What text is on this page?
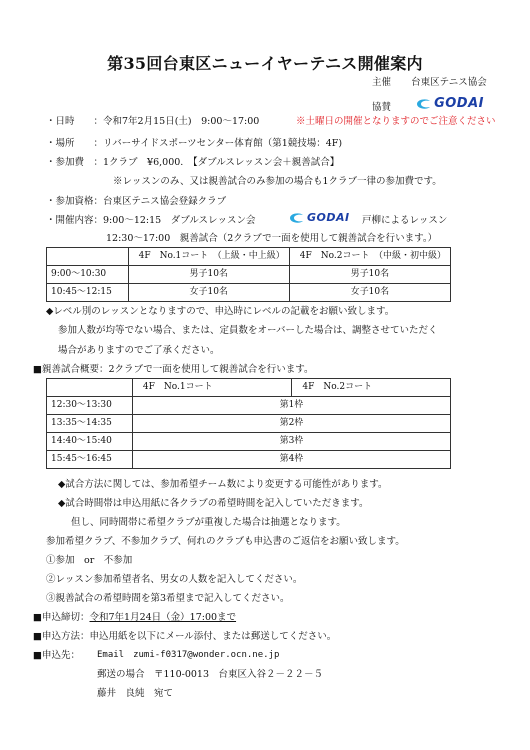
第35回台東区ニューイヤーテニス開催案内
主催 台東区テニス協会
協賛	GODAI
・日時　　：令和7年2月15日(土)　9:00～17:00	※土曜日の開催となりますのでご注意ください
・場所　　：リバーサイドスポーツセンター体育館（第1競技場：4F)
・参加費　：1クラブ　¥6,000.　【ダブルスレッスン会＋親善試合】
※レッスンのみ、又は親善試合のみ参加の場合も1クラブ一律の参加費です。
・参加資格：台東区テニス協会登録クラブ
・開催内容：9:00～12:15　ダブルスレッスン会	GODAI 戸柳によるレッスン
12:30～17:00　親善試合（2クラブで一面を使用して親善試合を行います。）
	4F　No.1コート　（上級・中上級）	4F　No.2コート　（中級・初中級）
9:00～10:30	男子10名	男子10名
10:45～12:15	女子10名	女子10名
◆レベル別のレッスンとなりますので、申込時にレベルの記載をお願い致します。
参加人数が均等でない場合、または、定員数をオーバーした場合は、調整させていただく
場合がありますのでご了承ください。
■親善試合概要：2クラブで一面を使用して親善試合を行います。
	4F　No.1コート	4F　No.2コート
12:30～13:30	第1枠	
13:35～14:35	第2枠	
14:40～15:40	第3枠	
15:45～16:45	第4枠	
◆試合方法に関しては、参加希望チーム数により変更する可能性があります。
◆試合時間帯は申込用紙に各クラブの希望時間を記入していただきます。
但し、同時間帯に希望クラブが重複した場合は抽選となります。
参加希望クラブ、不参加クラブ、何れのクラブも申込書のご返信をお願い致します。
①参加　or　不参加
②レッスン参加希望者名、男女の人数を記入してください。
③親善試合の希望時間を第3希望まで記入してください。
■申込締切：令和7年1月24日（金）17:00まで
■申込方法：申込用紙を以下にメール添付、または郵送してください。
■申込先： Email　zumi-f0317@wonder.ocn.ne.jp
郵送の場合　〒110-0013　台東区入谷２－２２－５
藤井　良純　宛て
